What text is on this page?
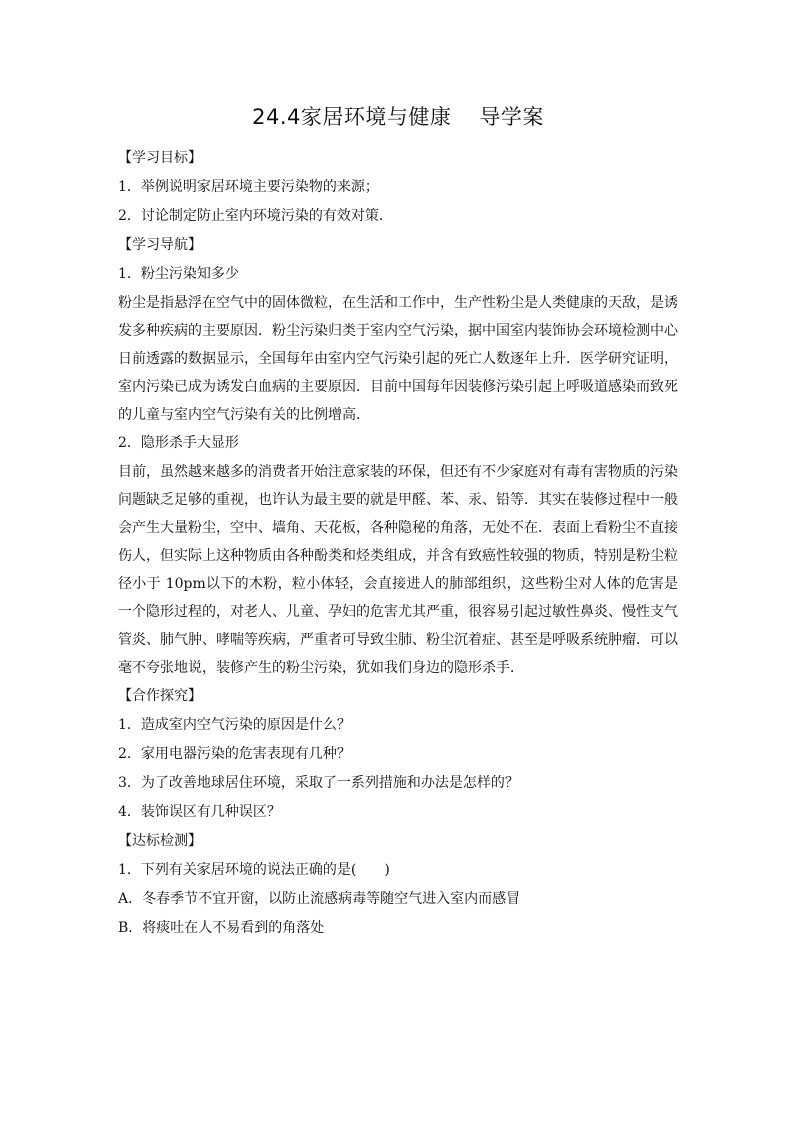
24.4家居环境与健康 导学案

【学习目标】

1．举例说明家居环境主要污染物的来源；

2．讨论制定防止室内环境污染的有效对策．

【学习导航】

1．粉尘污染知多少

粉尘是指悬浮在空气中的固体微粒，在生活和工作中，生产性粉尘是人类健康的天敌，是诱发多种疾病的主要原因．粉尘污染归类于室内空气污染，据中国室内装饰协会环境检测中心日前透露的数据显示，全国每年由室内空气污染引起的死亡人数逐年上升．医学研究证明，室内污染已成为诱发白血病的主要原因．目前中国每年因装修污染引起上呼吸道感染而致死的儿童与室内空气污染有关的比例增高．

2．隐形杀手大显形

目前，虽然越来越多的消费者开始注意家装的环保，但还有不少家庭对有毒有害物质的污染问题缺乏足够的重视，也许认为最主要的就是甲醛、苯、汞、铅等．其实在装修过程中一般会产生大量粉尘，空中、墙角、天花板，各种隐秘的角落，无处不在．表面上看粉尘不直接伤人，但实际上这种物质由各种酚类和烃类组成，并含有致癌性较强的物质，特别是粉尘粒径小于 10pm以下的木粉，粒小体轻，会直接进人的肺部组织，这些粉尘对人体的危害是一个隐形过程的，对老人、儿童、孕妇的危害尤其严重，很容易引起过敏性鼻炎、慢性支气管炎、肺气肿、哮喘等疾病，严重者可导致尘肺、粉尘沉着症、甚至是呼吸系统肿瘤．可以毫不夸张地说，装修产生的粉尘污染，犹如我们身边的隐形杀手．

【合作探究】

1．造成室内空气污染的原因是什么？

2．家用电器污染的危害表现有几种？

3．为了改善地球居住环境，采取了一系列措施和办法是怎样的？

4．装饰误区有几种误区？

【达标检测】

1．下列有关家居环境的说法正确的是(　　)

A．冬春季节不宜开窗，以防止流感病毒等随空气进入室内而感冒

B．将痰吐在人不易看到的角落处
